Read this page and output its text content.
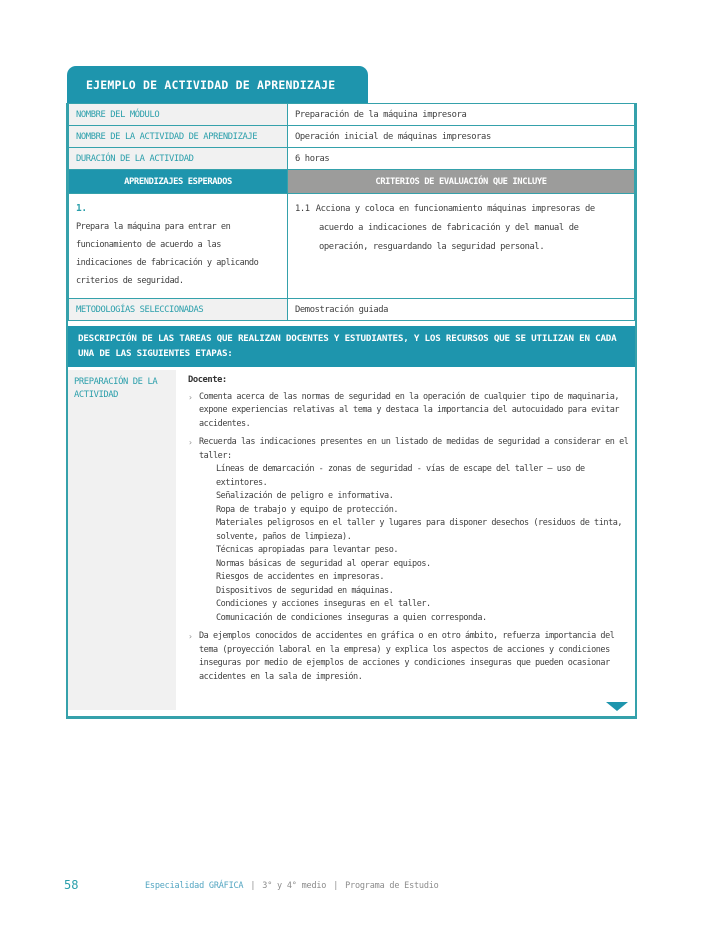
EJEMPLO DE ACTIVIDAD DE APRENDIZAJE
NOMBRE DEL MÓDULO	Preparación de la máquina impresora
NOMBRE DE LA ACTIVIDAD DE APRENDIZAJE	Operación inicial de máquinas impresoras
DURACIÓN DE LA ACTIVIDAD	6 horas
APRENDIZAJES ESPERADOS	CRITERIOS DE EVALUACIÓN QUE INCLUYE

1.
Prepara la máquina para entrar en funcionamiento de acuerdo a las indicaciones de fabricación y aplicando criterios de seguridad.	1.1 Acciona y coloca en funcionamiento máquinas impresoras de acuerdo a indicaciones de fabricación y del manual de operación, resguardando la seguridad personal.

METODOLOGÍAS SELECCIONADAS	Demostración guiada
DESCRIPCIÓN DE LAS TAREAS QUE REALIZAN DOCENTES Y ESTUDIANTES, Y LOS RECURSOS QUE SE UTILIZAN EN CADA
UNA DE LAS SIGUIENTES ETAPAS:
PREPARACIÓN DE LA ACTIVIDAD
Docente:
› Comenta acerca de las normas de seguridad en la operación de cualquier tipo de maquinaria, expone experiencias relativas al tema y destaca la importancia del autocuidado para evitar accidentes.
› Recuerda las indicaciones presentes en un listado de medidas de seguridad a considerar en el taller:
Líneas de demarcación - zonas de seguridad - vías de escape del taller – uso de extintores.
Señalización de peligro e informativa.
Ropa de trabajo y equipo de protección.
Materiales peligrosos en el taller y lugares para disponer desechos (residuos de tinta, solvente, paños de limpieza).
Técnicas apropiadas para levantar peso.
Normas básicas de seguridad al operar equipos.
Riesgos de accidentes en impresoras.
Dispositivos de seguridad en máquinas.
Condiciones y acciones inseguras en el taller.
Comunicación de condiciones inseguras a quien corresponda.
› Da ejemplos conocidos de accidentes en gráfica o en otro ámbito, refuerza importancia del tema (proyección laboral en la empresa) y explica los aspectos de acciones y condiciones inseguras por medio de ejemplos de acciones y condiciones inseguras que pueden ocasionar accidentes en la sala de impresión.
58	Especialidad GRÁFICA | 3° y 4° medio | Programa de Estudio
